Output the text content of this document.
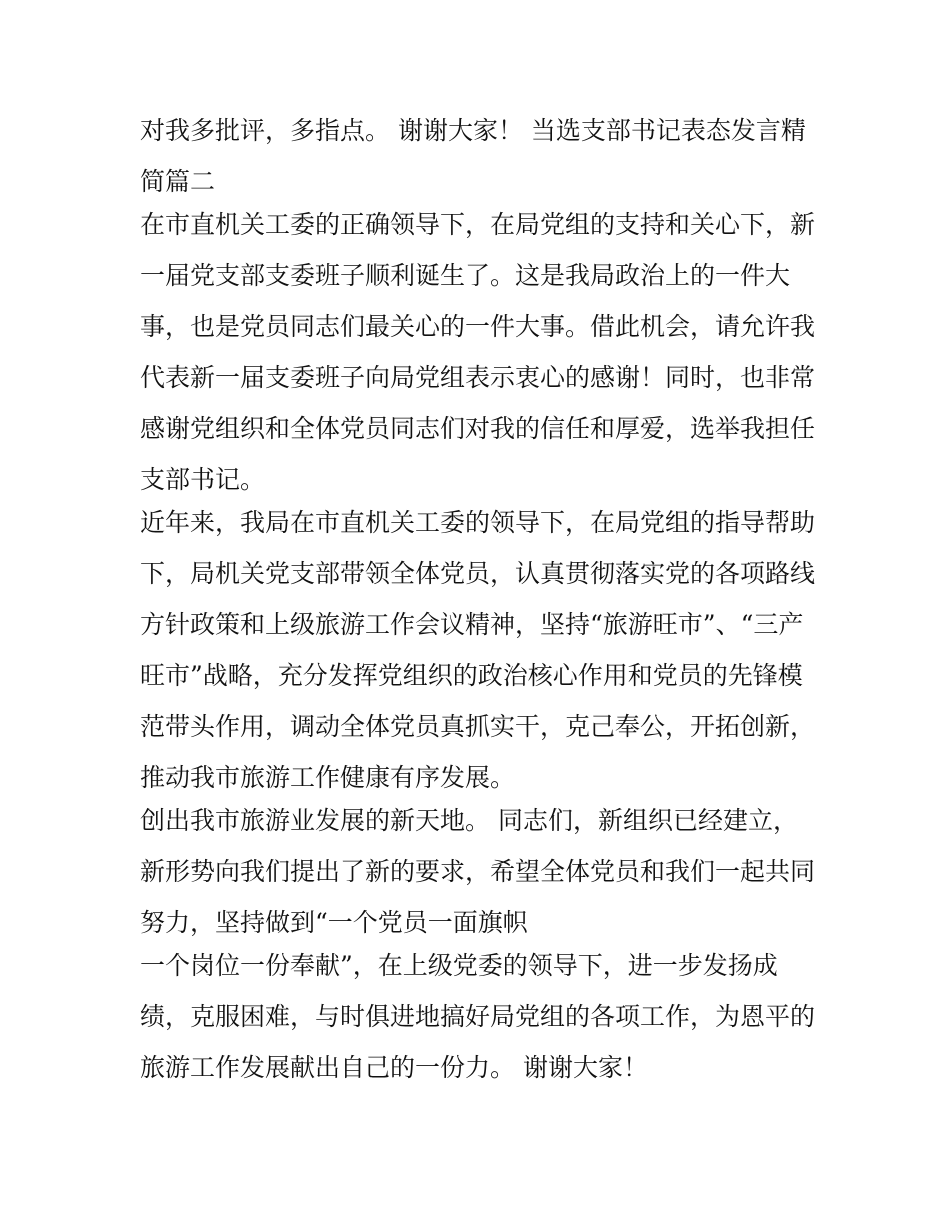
对我多批评，多指点。 谢谢大家！ 当选支部书记表态发言精
简篇二
在市直机关工委的正确领导下，在局党组的支持和关心下，新
一届党支部支委班子顺利诞生了。这是我局政治上的一件大
事，也是党员同志们最关心的一件大事。借此机会，请允许我
代表新一届支委班子向局党组表示衷心的感谢！同时，也非常
感谢党组织和全体党员同志们对我的信任和厚爱，选举我担任
支部书记。
近年来，我局在市直机关工委的领导下，在局党组的指导帮助
下，局机关党支部带领全体党员，认真贯彻落实党的各项路线
方针政策和上级旅游工作会议精神，坚持“旅游旺市”、“三产
旺市”战略，充分发挥党组织的政治核心作用和党员的先锋模
范带头作用，调动全体党员真抓实干，克己奉公，开拓创新，
推动我市旅游工作健康有序发展。
创出我市旅游业发展的新天地。 同志们，新组织已经建立，
新形势向我们提出了新的要求，希望全体党员和我们一起共同
努力，坚持做到“一个党员一面旗帜
一个岗位一份奉献”，在上级党委的领导下，进一步发扬成
绩，克服困难，与时俱进地搞好局党组的各项工作，为恩平的
旅游工作发展献出自己的一份力。 谢谢大家！
